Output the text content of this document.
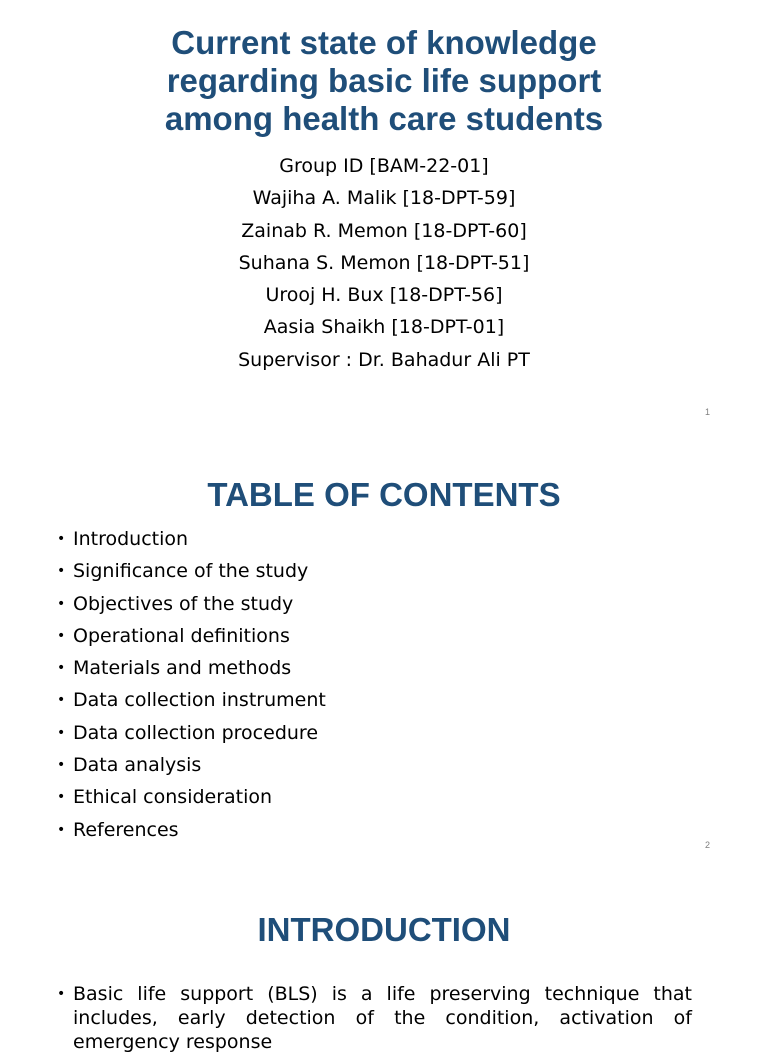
Current state of knowledge
regarding basic life support
among health care students
Group ID [BAM-22-01]
Wajiha A. Malik [18-DPT-59]
Zainab R. Memon [18-DPT-60]
Suhana S. Memon [18-DPT-51]
Urooj H. Bux [18-DPT-56]
Aasia Shaikh [18-DPT-01]
Supervisor : Dr. Bahadur Ali PT
1
TABLE OF CONTENTS
• Introduction
• Significance of the study
• Objectives of the study
• Operational definitions
• Materials and methods
• Data collection instrument
• Data collection procedure
• Data analysis
• Ethical consideration
• References
2
INTRODUCTION

• Basic life support (BLS) is a life preserving technique that includes, early detection of the condition, activation of emergency response
